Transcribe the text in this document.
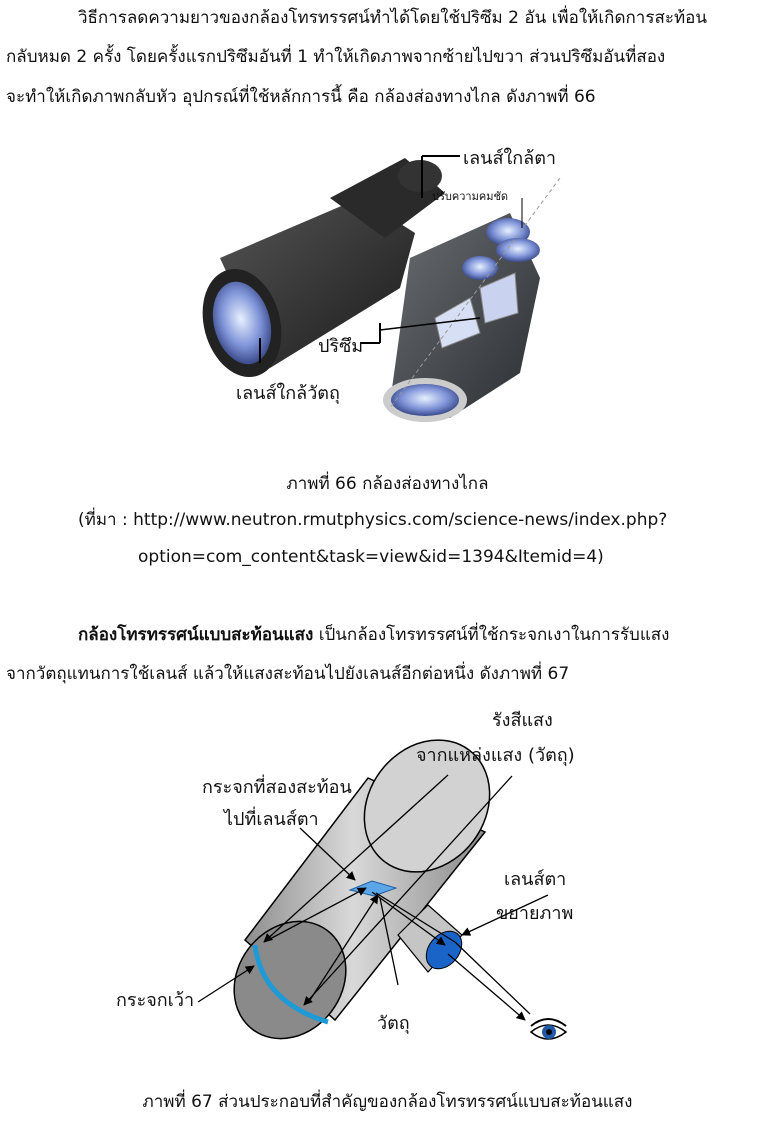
วิธีการลดความยาวของกล้องโทรทรรศน์ทำได้โดยใช้ปริซึม 2 อัน เพื่อให้เกิดการสะท้อน
กลับหมด 2 ครั้ง โดยครั้งแรกปริซึมอันที่ 1 ทำให้เกิดภาพจากซ้ายไปขวา ส่วนปริซึมอันที่สอง
จะทำให้เกิดภาพกลับหัว อุปกรณ์ที่ใช้หลักการนี้ คือ กล้องส่องทางไกล ดังภาพที่ 66
เลนส์ใกล้ตา
ปรับความคมชัด
ปริซึม
เลนส์ใกล้วัตถุ
ภาพที่ 66 กล้องส่องทางไกล
(ที่มา : http://www.neutron.rmutphysics.com/science-news/index.php?
option=com_content&task=view&id=1394&Itemid=4)
กล้องโทรทรรศน์แบบสะท้อนแสง เป็นกล้องโทรทรรศน์ที่ใช้กระจกเงาในการรับแสง
จากวัตถุแทนการใช้เลนส์ แล้วให้แสงสะท้อนไปยังเลนส์อีกต่อหนึ่ง ดังภาพที่ 67
รังสีแสง
จากแหล่งแสง (วัตถุ)
กระจกที่สองสะท้อน
ไปที่เลนส์ตา
เลนส์ตา
ขยายภาพ
กระจกเว้า
วัตถุ
ภาพที่ 67 ส่วนประกอบที่สำคัญของกล้องโทรทรรศน์แบบสะท้อนแสง
